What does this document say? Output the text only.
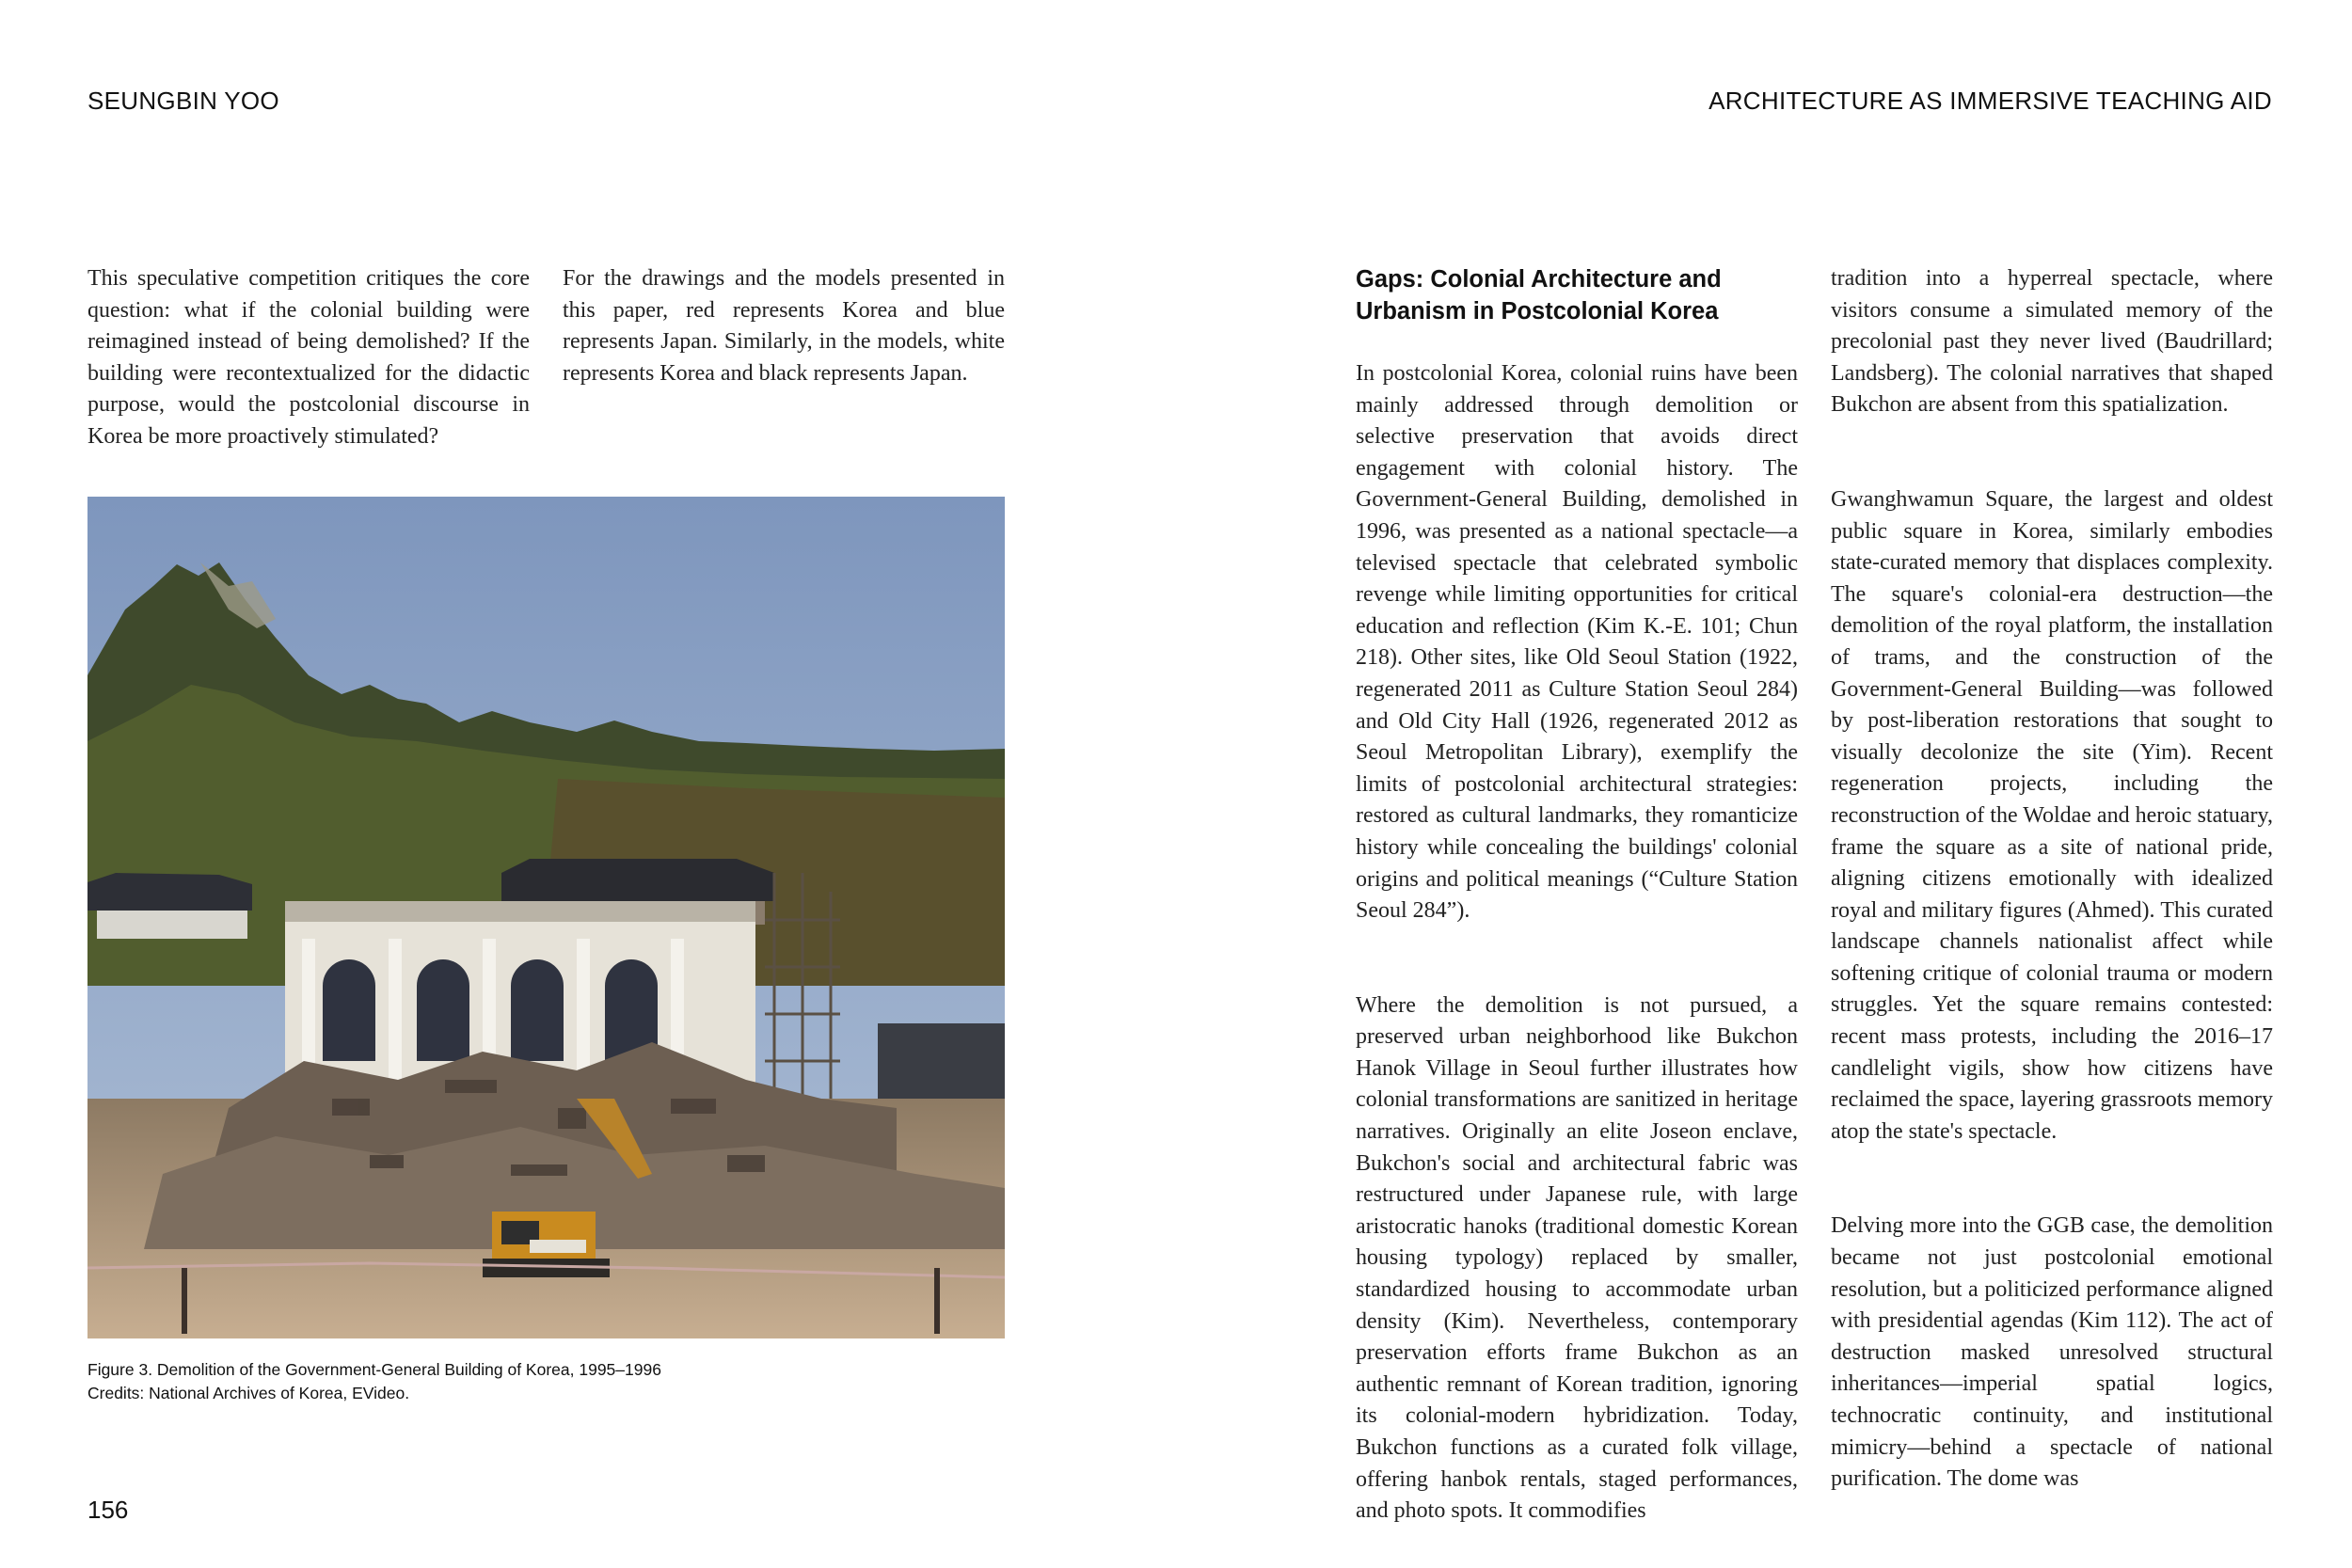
SEUNGBIN YOO	ARCHITECTURE AS IMMERSIVE TEACHING AID

This speculative competition critiques the core question: what if the colonial building were reimagined instead of being demolished? If the building were recontextualized for the didactic purpose, would the postcolonial discourse in Korea be more proactively stimulated?

For the drawings and the models presented in this paper, red represents Korea and blue represents Japan. Similarly, in the models, white represents Korea and black represents Japan.

Figure 3. Demolition of the Government-General Building of Korea, 1995–1996
Credits: National Archives of Korea, EVideo.
156
Gaps: Colonial Architecture and Urbanism in Postcolonial Korea

In postcolonial Korea, colonial ruins have been mainly addressed through demolition or selective preservation that avoids direct engagement with colonial history. The Government-General Building, demolished in 1996, was presented as a national spectacle—a televised spectacle that celebrated symbolic revenge while limiting opportunities for critical education and reflection (Kim K.-E. 101; Chun 218). Other sites, like Old Seoul Station (1922, regenerated 2011 as Culture Station Seoul 284) and Old City Hall (1926, regenerated 2012 as Seoul Metropolitan Library), exemplify the limits of postcolonial architectural strategies: restored as cultural landmarks, they romanticize history while concealing the buildings' colonial origins and political meanings (“Culture Station Seoul 284”).

Where the demolition is not pursued, a preserved urban neighborhood like Bukchon Hanok Village in Seoul further illustrates how colonial transformations are sanitized in heritage narratives. Originally an elite Joseon enclave, Bukchon's social and architectural fabric was restructured under Japanese rule, with large aristocratic hanoks (traditional domestic Korean housing typology) replaced by smaller, standardized housing to accommodate urban density (Kim). Nevertheless, contemporary preservation efforts frame Bukchon as an authentic remnant of Korean tradition, ignoring its colonial-modern hybridization. Today, Bukchon functions as a curated folk village, offering hanbok rentals, staged performances, and photo spots. It commodifies

tradition into a hyperreal spectacle, where visitors consume a simulated memory of the precolonial past they never lived (Baudrillard; Landsberg). The colonial narratives that shaped Bukchon are absent from this spatialization.

Gwanghwamun Square, the largest and oldest public square in Korea, similarly embodies state-curated memory that displaces complexity. The square's colonial-era destruction—the demolition of the royal platform, the installation of trams, and the construction of the Government-General Building—was followed by post-liberation restorations that sought to visually decolonize the site (Yim). Recent regeneration projects, including the reconstruction of the Woldae and heroic statuary, frame the square as a site of national pride, aligning citizens emotionally with idealized royal and military figures (Ahmed). This curated landscape channels nationalist affect while softening critique of colonial trauma or modern struggles. Yet the square remains contested: recent mass protests, including the 2016–17 candlelight vigils, show how citizens have reclaimed the space, layering grassroots memory atop the state's spectacle.

Delving more into the GGB case, the demolition became not just postcolonial emotional resolution, but a politicized performance aligned with presidential agendas (Kim 112). The act of destruction masked unresolved structural inheritances—imperial spatial logics, technocratic continuity, and institutional mimicry—behind a spectacle of national purification. The dome was
